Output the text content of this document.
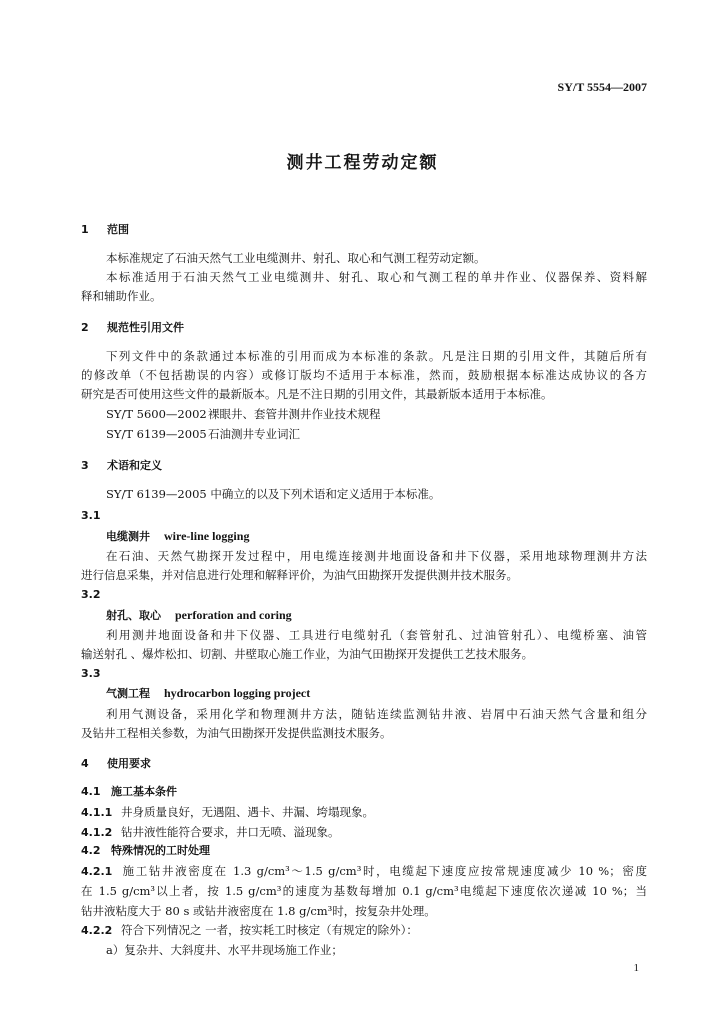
SY/T 5554—2007
测井工程劳动定额
1 范围
本标准规定了石油天然气工业电缆测井、射孔、取心和气测工程劳动定额。
本标准适用于石油天然气工业电缆测井、射孔、取心和气测工程的单井作业、仪器保养、资料解
释和辅助作业。
2 规范性引用文件
下列文件中的条款通过本标准的引用而成为本标准的条款。凡是注日期的引用文件，其随后所有
的修改单（不包括勘误的内容）或修订版均不适用于本标准，然而，鼓励根据本标准达成协议的各方
研究是否可使用这些文件的最新版本。凡是不注日期的引用文件，其最新版本适用于本标准。
SY/T 5600—2002裸眼井、套管井测井作业技术规程
SY/T 6139—2005石油测井专业词汇
3 术语和定义
SY/T 6139—2005 中确立的以及下列术语和定义适用于本标准。
3.1
电缆测井 wire-line logging
在石油、天然气勘探开发过程中，用电缆连接测井地面设备和井下仪器，采用地球物理测井方法
进行信息采集，并对信息进行处理和解释评价，为油气田勘探开发提供测井技术服务。
3.2
射孔、取心 perforation and coring
利用测井地面设备和井下仪器、工具进行电缆射孔（套管射孔、过油管射孔）、电缆桥塞、油管
输送射孔 、爆炸松扣、切割、井壁取心施工作业，为油气田勘探开发提供工艺技术服务。
3.3
气测工程 hydrocarbon logging project
利用气测设备，采用化学和物理测井方法，随钻连续监测钻井液、岩屑中石油天然气含量和组分
及钻井工程相关参数，为油气田勘探开发提供监测技术服务。
4 使用要求
4.1 施工基本条件
4.1.1 井身质量良好，无遇阻、遇卡、井漏、垮塌现象。
4.1.2 钻井液性能符合要求，井口无喷、溢现象。
4.2 特殊情况的工时处理
4.2.1 施工钻井液密度在 1.3 g/cm³～1.5 g/cm³时，电缆起下速度应按常规速度减少 10 %；密度
在 1.5 g/cm³以上者，按 1.5 g/cm³的速度为基数每增加 0.1 g/cm³电缆起下速度依次递减 10 %；当
钻井液粘度大于 80 s 或钻井液密度在 1.8 g/cm³时，按复杂井处理。
4.2.2 符合下列情况之 一者，按实耗工时核定（有规定的除外）：
a）复杂井、大斜度井、水平井现场施工作业；
1
